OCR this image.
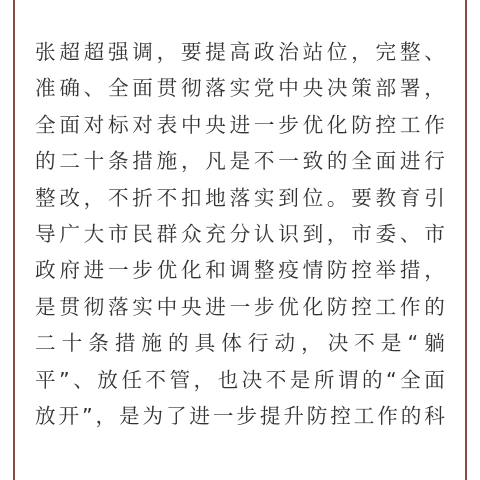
张超超强调，要提高政治站位，完整、
准确、全面贯彻落实党中央决策部署，
全面对标对表中央进一步优化防控工作
的二十条措施，凡是不一致的全面进行
整改，不折不扣地落实到位。要教育引
导广大市民群众充分认识到，市委、市
政府进一步优化和调整疫情防控举措，
是贯彻落实中央进一步优化防控工作的
二十条措施的具体行动，决不是“躺
平”、放任不管，也决不是所谓的“全面
放开”，是为了进一步提升防控工作的科
